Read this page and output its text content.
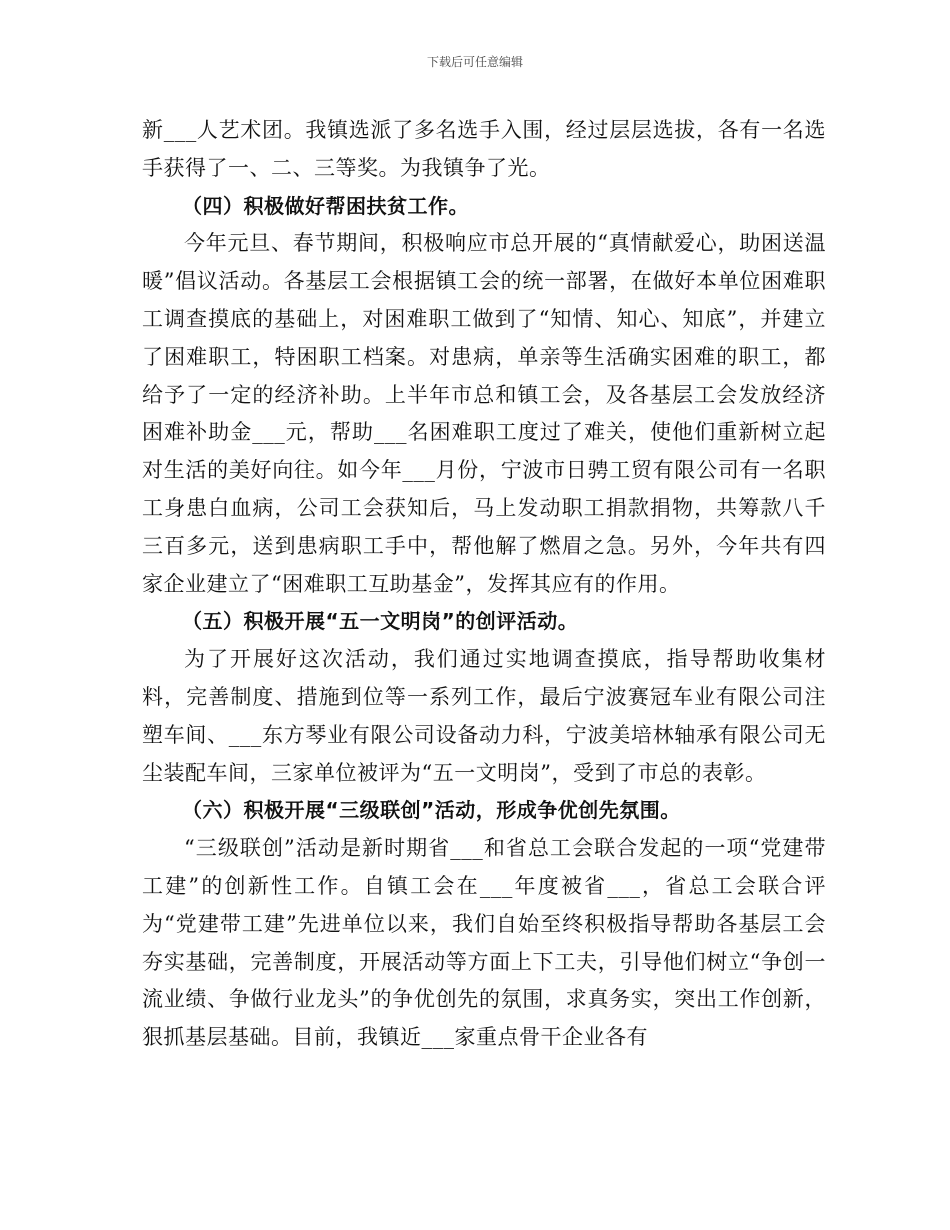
下载后可任意编辑

新___人艺术团。我镇选派了多名选手入围，经过层层选拔，各有一名选手获得了一、二、三等奖。为我镇争了光。

（四）积极做好帮困扶贫工作。

今年元旦、春节期间，积极响应市总开展的“真情献爱心，助困送温暖”倡议活动。各基层工会根据镇工会的统一部署，在做好本单位困难职工调查摸底的基础上，对困难职工做到了“知情、知心、知底”，并建立了困难职工，特困职工档案。对患病，单亲等生活确实困难的职工，都给予了一定的经济补助。上半年市总和镇工会，及各基层工会发放经济困难补助金___元，帮助___名困难职工度过了难关，使他们重新树立起对生活的美好向往。如今年___月份，宁波市日骋工贸有限公司有一名职工身患白血病，公司工会获知后，马上发动职工捐款捐物，共筹款八千三百多元，送到患病职工手中，帮他解了燃眉之急。另外，今年共有四家企业建立了“困难职工互助基金”，发挥其应有的作用。

（五）积极开展“五一文明岗”的创评活动。

为了开展好这次活动，我们通过实地调查摸底，指导帮助收集材料，完善制度、措施到位等一系列工作，最后宁波赛冠车业有限公司注塑车间、___东方琴业有限公司设备动力科，宁波美培林轴承有限公司无尘装配车间，三家单位被评为“五一文明岗”，受到了市总的表彰。

（六）积极开展“三级联创”活动，形成争优创先氛围。

“三级联创”活动是新时期省___和省总工会联合发起的一项“党建带工建”的创新性工作。自镇工会在___年度被省___，省总工会联合评为“党建带工建”先进单位以来，我们自始至终积极指导帮助各基层工会夯实基础，完善制度，开展活动等方面上下工夫，引导他们树立“争创一流业绩、争做行业龙头”的争优创先的氛围，求真务实，突出工作创新，狠抓基层基础。目前，我镇近___家重点骨干企业各有
